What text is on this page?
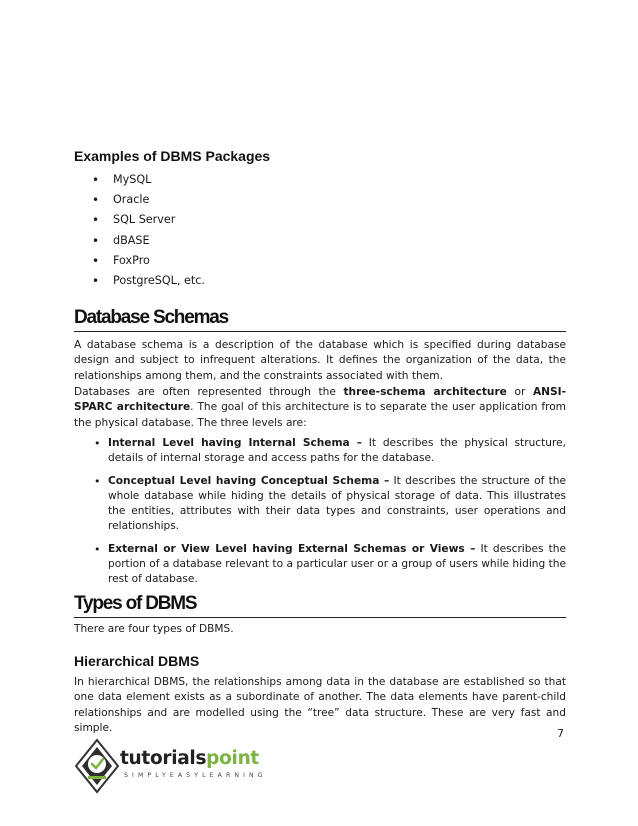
Examples of DBMS Packages
• MySQL
• Oracle
• SQL Server
• dBASE
• FoxPro
• PostgreSQL, etc.
Database Schemas

A database schema is a description of the database which is specified during database design and subject to infrequent alterations. It defines the organization of the data, the relationships among them, and the constraints associated with them.

Databases are often represented through the three-schema architecture or ANSI-SPARC architecture. The goal of this architecture is to separate the user application from the physical database. The three levels are:

• Internal Level having Internal Schema – It describes the physical structure, details of internal storage and access paths for the database.
• Conceptual Level having Conceptual Schema – It describes the structure of the whole database while hiding the details of physical storage of data. This illustrates the entities, attributes with their data types and constraints, user operations and relationships.
• External or View Level having External Schemas or Views – It describes the portion of a database relevant to a particular user or a group of users while hiding the rest of database.
Types of DBMS

There are four types of DBMS.

Hierarchical DBMS

In hierarchical DBMS, the relationships among data in the database are established so that one data element exists as a subordinate of another. The data elements have parent-child relationships and are modelled using the “tree” data structure. These are very fast and simple.	7
tutorialspoint
SIMPLYEASYLEARNING
